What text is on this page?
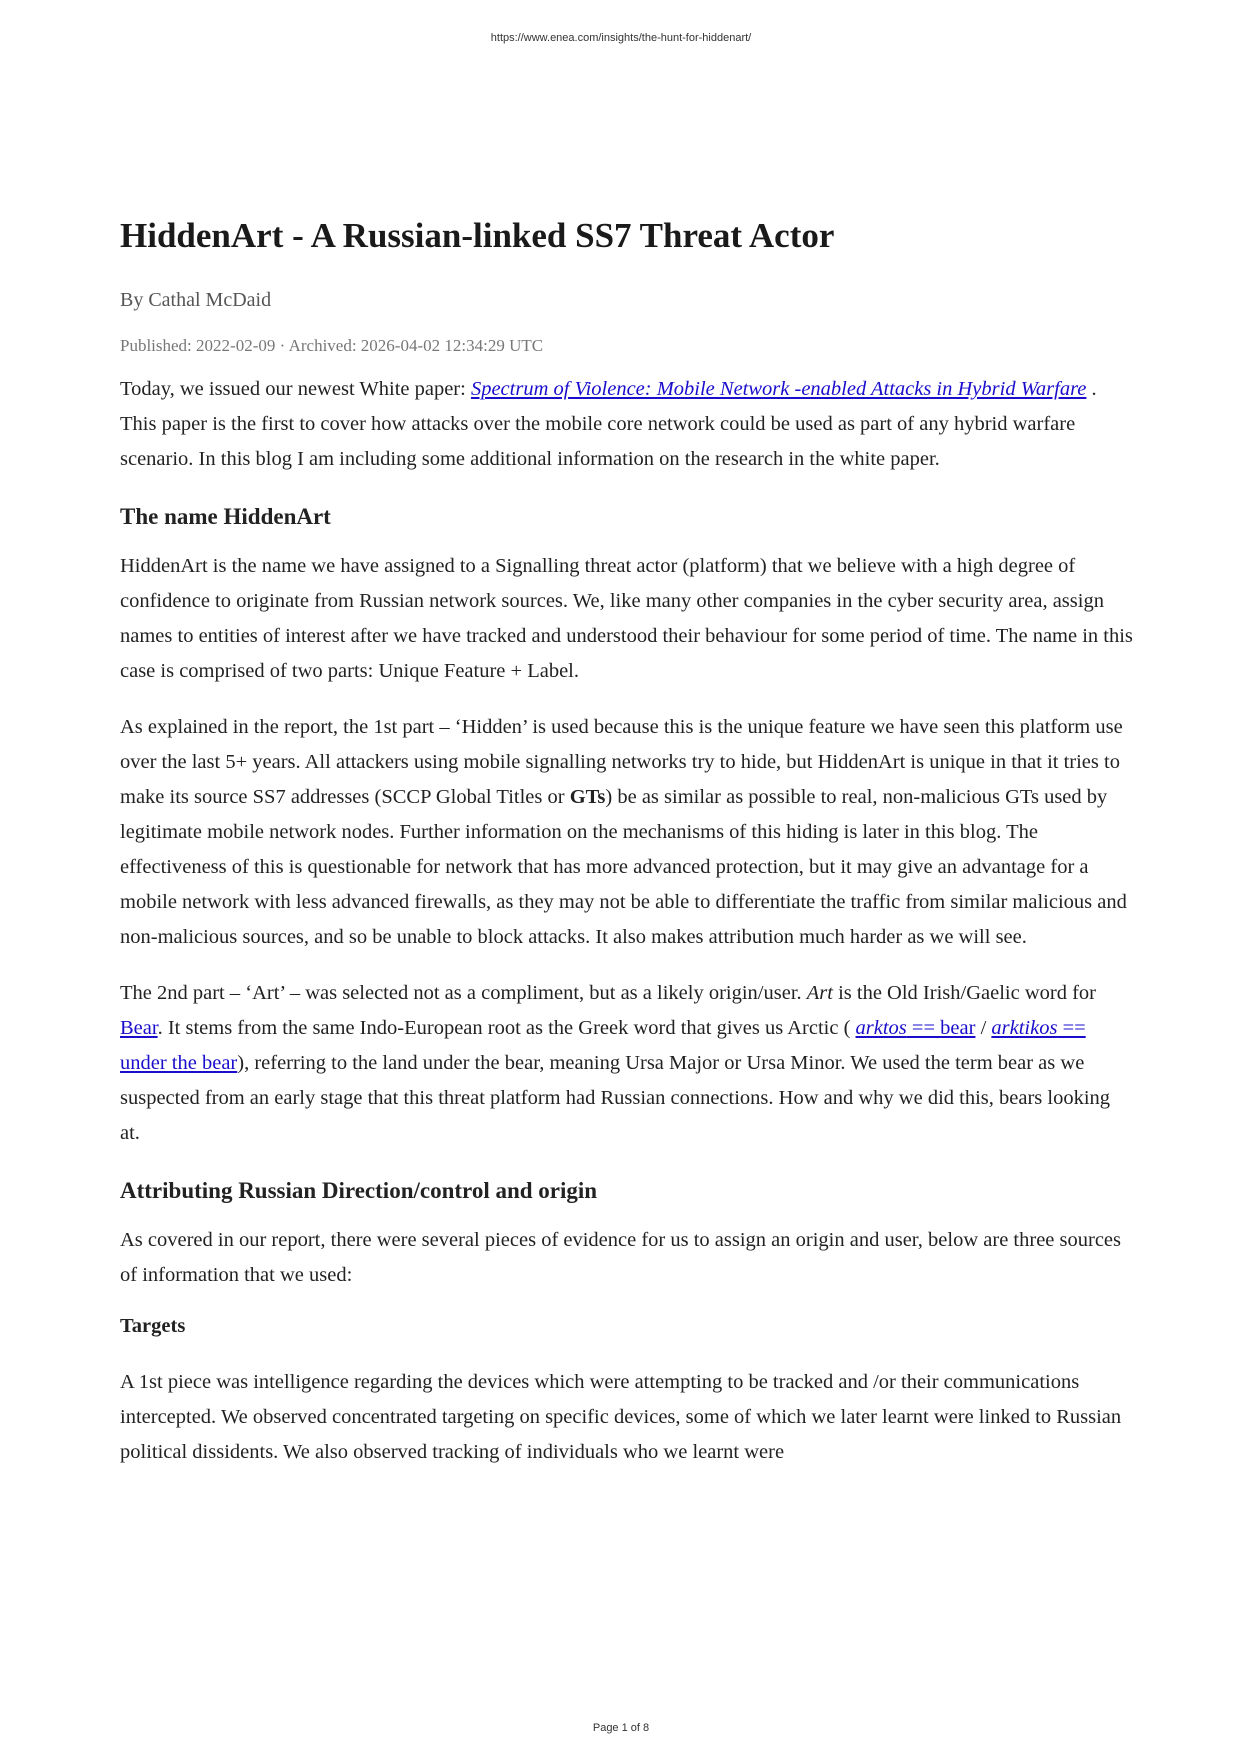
https://www.enea.com/insights/the-hunt-for-hiddenart/
HiddenArt - A Russian-linked SS7 Threat Actor
By Cathal McDaid
Published: 2022-02-09 · Archived: 2026-04-02 12:34:29 UTC

Today, we issued our newest White paper: Spectrum of Violence: Mobile Network -enabled Attacks in Hybrid Warfare . This paper is the first to cover how attacks over the mobile core network could be used as part of any hybrid warfare scenario. In this blog I am including some additional information on the research in the white paper.

The name HiddenArt

HiddenArt is the name we have assigned to a Signalling threat actor (platform) that we believe with a high degree of confidence to originate from Russian network sources. We, like many other companies in the cyber security area, assign names to entities of interest after we have tracked and understood their behaviour for some period of time. The name in this case is comprised of two parts: Unique Feature + Label.

As explained in the report, the 1st part – ‘Hidden’ is used because this is the unique feature we have seen this platform use over the last 5+ years. All attackers using mobile signalling networks try to hide, but HiddenArt is unique in that it tries to make its source SS7 addresses (SCCP Global Titles or GTs) be as similar as possible to real, non-malicious GTs used by legitimate mobile network nodes. Further information on the mechanisms of this hiding is later in this blog. The effectiveness of this is questionable for network that has more advanced protection, but it may give an advantage for a mobile network with less advanced firewalls, as they may not be able to differentiate the traffic from similar malicious and non-malicious sources, and so be unable to block attacks. It also makes attribution much harder as we will see.

The 2nd part – ‘Art’ – was selected not as a compliment, but as a likely origin/user. Art is the Old Irish/Gaelic word for Bear. It stems from the same Indo-European root as the Greek word that gives us Arctic ( arktos == bear / arktikos == under the bear), referring to the land under the bear, meaning Ursa Major or Ursa Minor. We used the term bear as we suspected from an early stage that this threat platform had Russian connections. How and why we did this, bears looking at.

Attributing Russian Direction/control and origin

As covered in our report, there were several pieces of evidence for us to assign an origin and user, below are three sources of information that we used:

Targets

A 1st piece was intelligence regarding the devices which were attempting to be tracked and /or their communications intercepted. We observed concentrated targeting on specific devices, some of which we later learnt were linked to Russian political dissidents. We also observed tracking of individuals who we learnt were

Page 1 of 8
